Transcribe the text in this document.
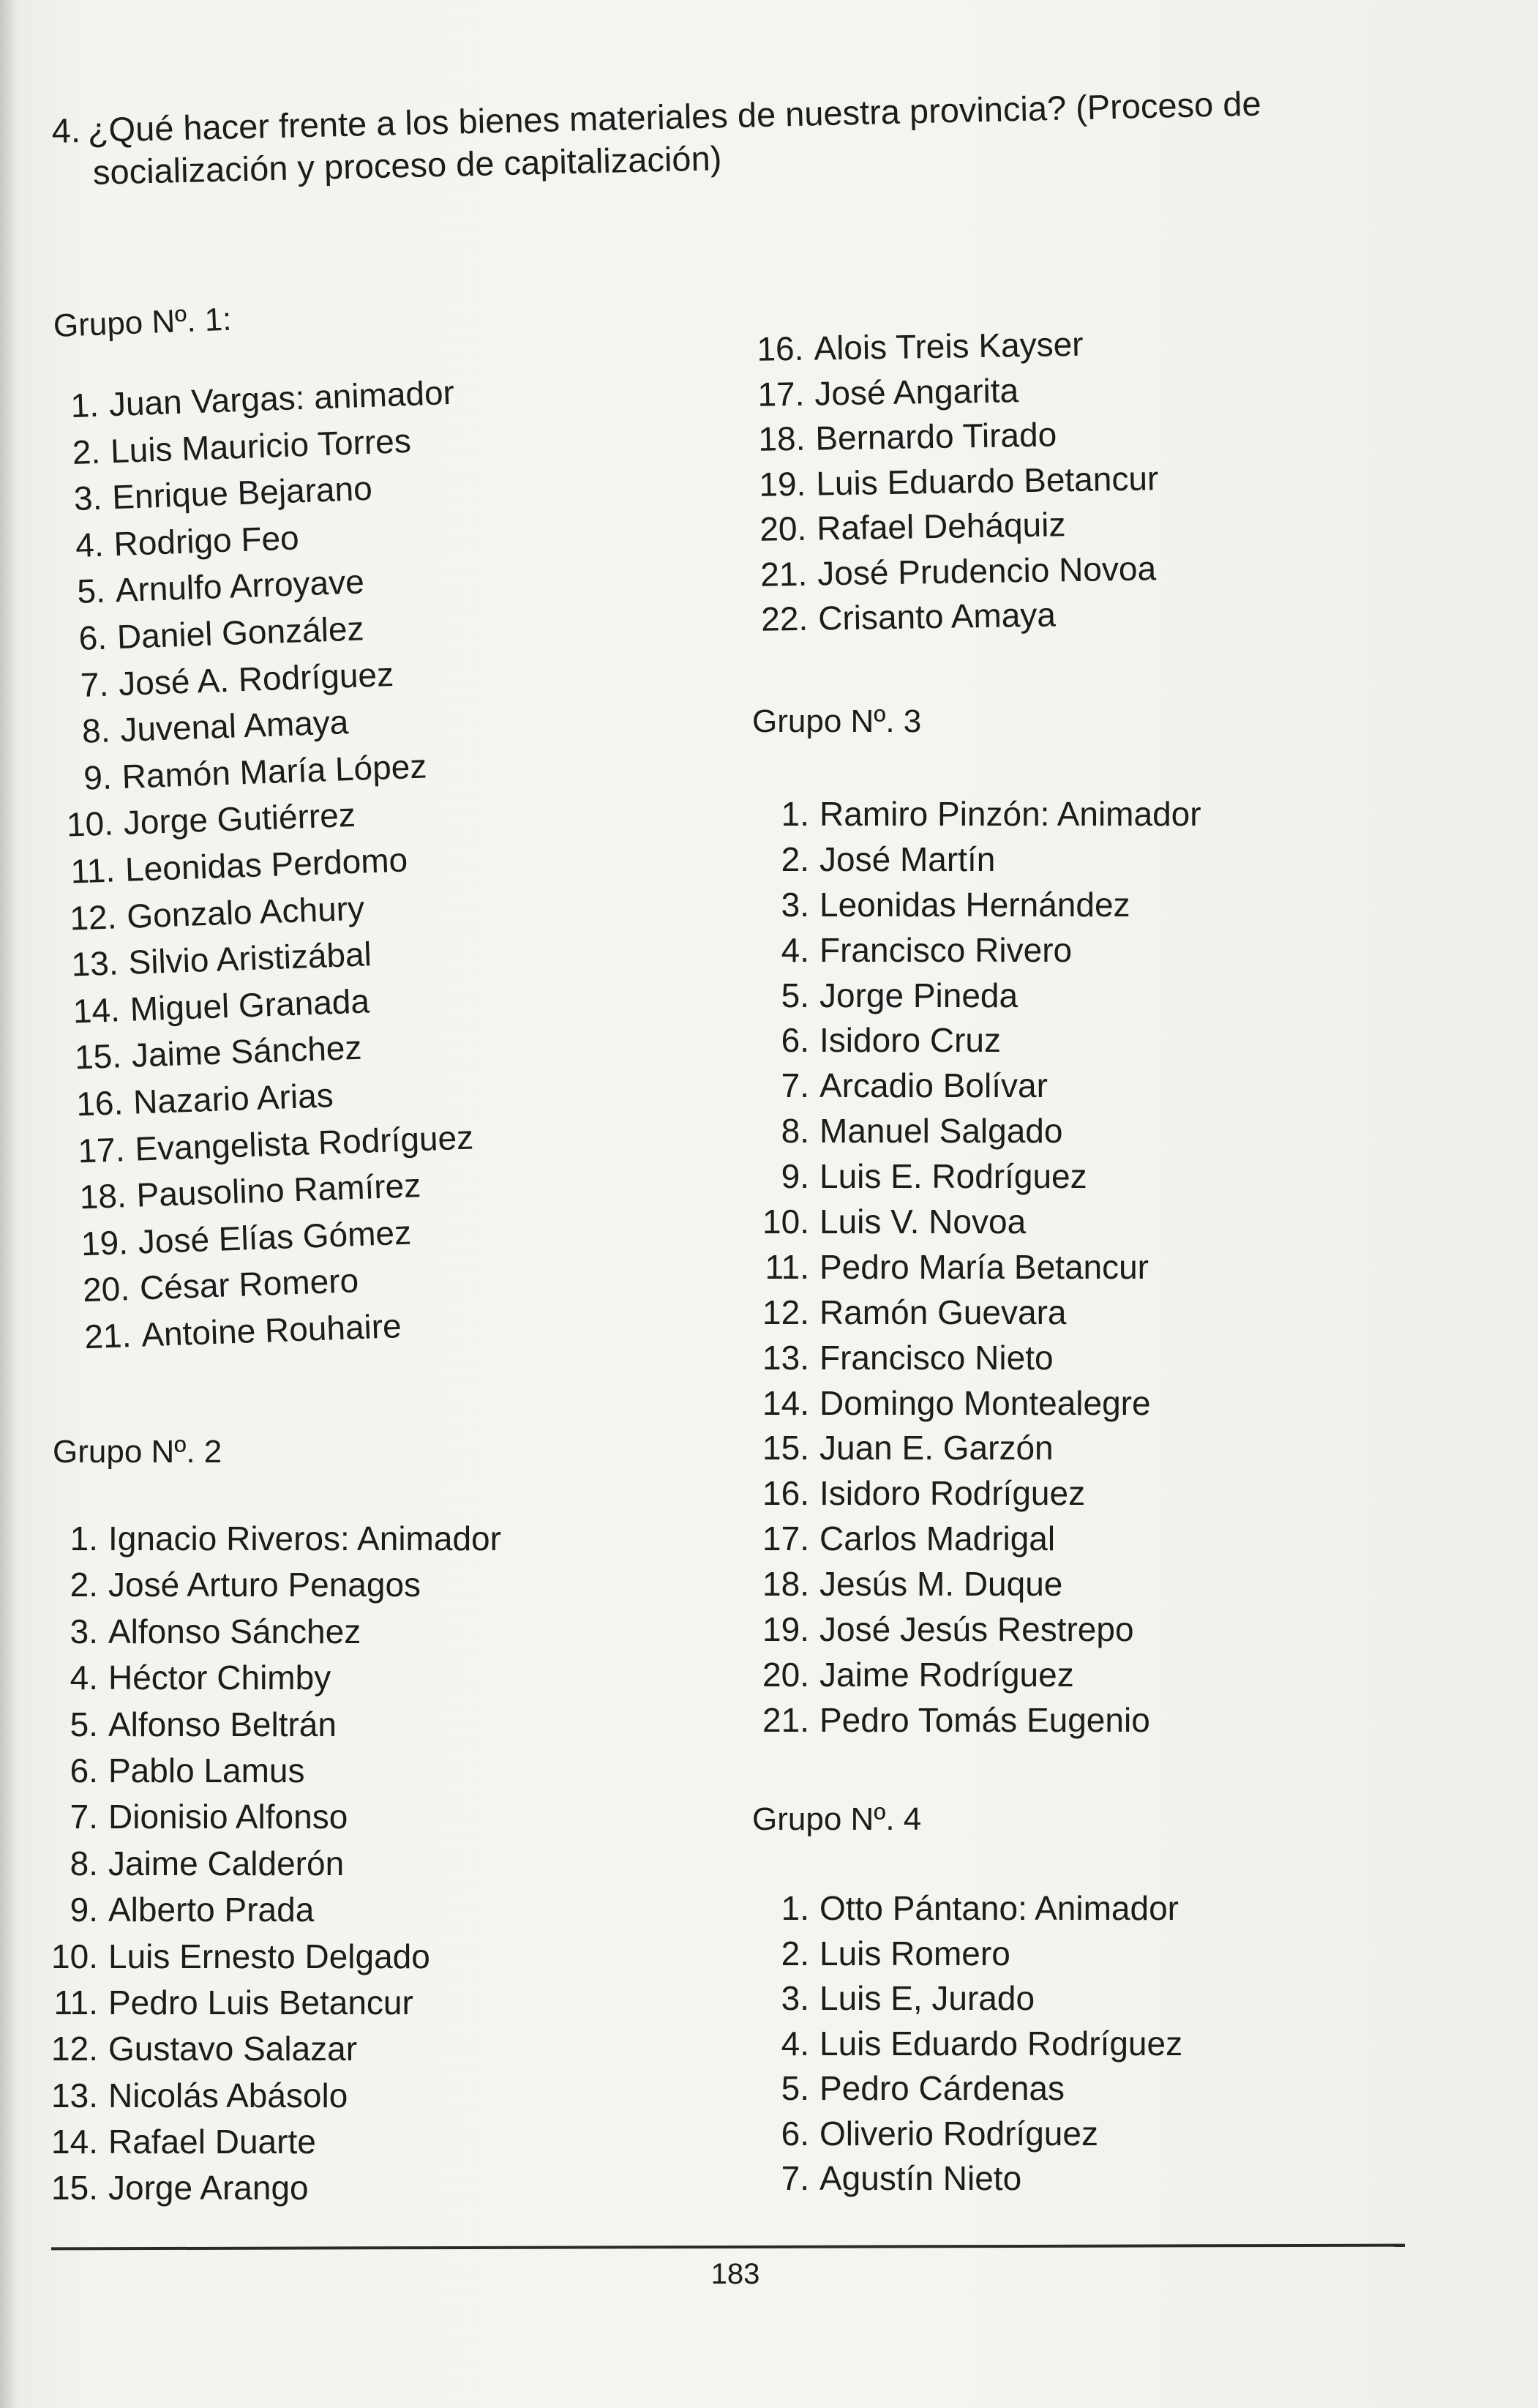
4. ¿Qué hacer frente a los bienes materiales de nuestra provincia? (Proceso de
socialización y proceso de capitalización)
Grupo Nº. 1:
1. Juan Vargas: animador
2. Luis Mauricio Torres
3. Enrique Bejarano
4. Rodrigo Feo
5. Arnulfo Arroyave
6. Daniel González
7. José A. Rodríguez
8. Juvenal Amaya
9. Ramón María López
10. Jorge Gutiérrez
11. Leonidas Perdomo
12. Gonzalo Achury
13. Silvio Aristizábal
14. Miguel Granada
15. Jaime Sánchez
16. Nazario Arias
17. Evangelista Rodríguez
18. Pausolino Ramírez
19. José Elías Gómez
20. César Romero
21. Antoine Rouhaire
Grupo Nº. 2
1. Ignacio Riveros: Animador
2. José Arturo Penagos
3. Alfonso Sánchez
4. Héctor Chimby
5. Alfonso Beltrán
6. Pablo Lamus
7. Dionisio Alfonso
8. Jaime Calderón
9. Alberto Prada
10. Luis Ernesto Delgado
11. Pedro Luis Betancur
12. Gustavo Salazar
13. Nicolás Abásolo
14. Rafael Duarte
15. Jorge Arango
16. Alois Treis Kayser
17. José Angarita
18. Bernardo Tirado
19. Luis Eduardo Betancur
20. Rafael Deháquiz
21. José Prudencio Novoa
22. Crisanto Amaya
Grupo Nº. 3
1. Ramiro Pinzón: Animador
2. José Martín
3. Leonidas Hernández
4. Francisco Rivero
5. Jorge Pineda
6. Isidoro Cruz
7. Arcadio Bolívar
8. Manuel Salgado
9. Luis E. Rodríguez
10. Luis V. Novoa
11. Pedro María Betancur
12. Ramón Guevara
13. Francisco Nieto
14. Domingo Montealegre
15. Juan E. Garzón
16. Isidoro Rodríguez
17. Carlos Madrigal
18. Jesús M. Duque
19. José Jesús Restrepo
20. Jaime Rodríguez
21. Pedro Tomás Eugenio
Grupo Nº. 4
1. Otto Pántano: Animador
2. Luis Romero
3. Luis E, Jurado
4. Luis Eduardo Rodríguez
5. Pedro Cárdenas
6. Oliverio Rodríguez
7. Agustín Nieto
183
